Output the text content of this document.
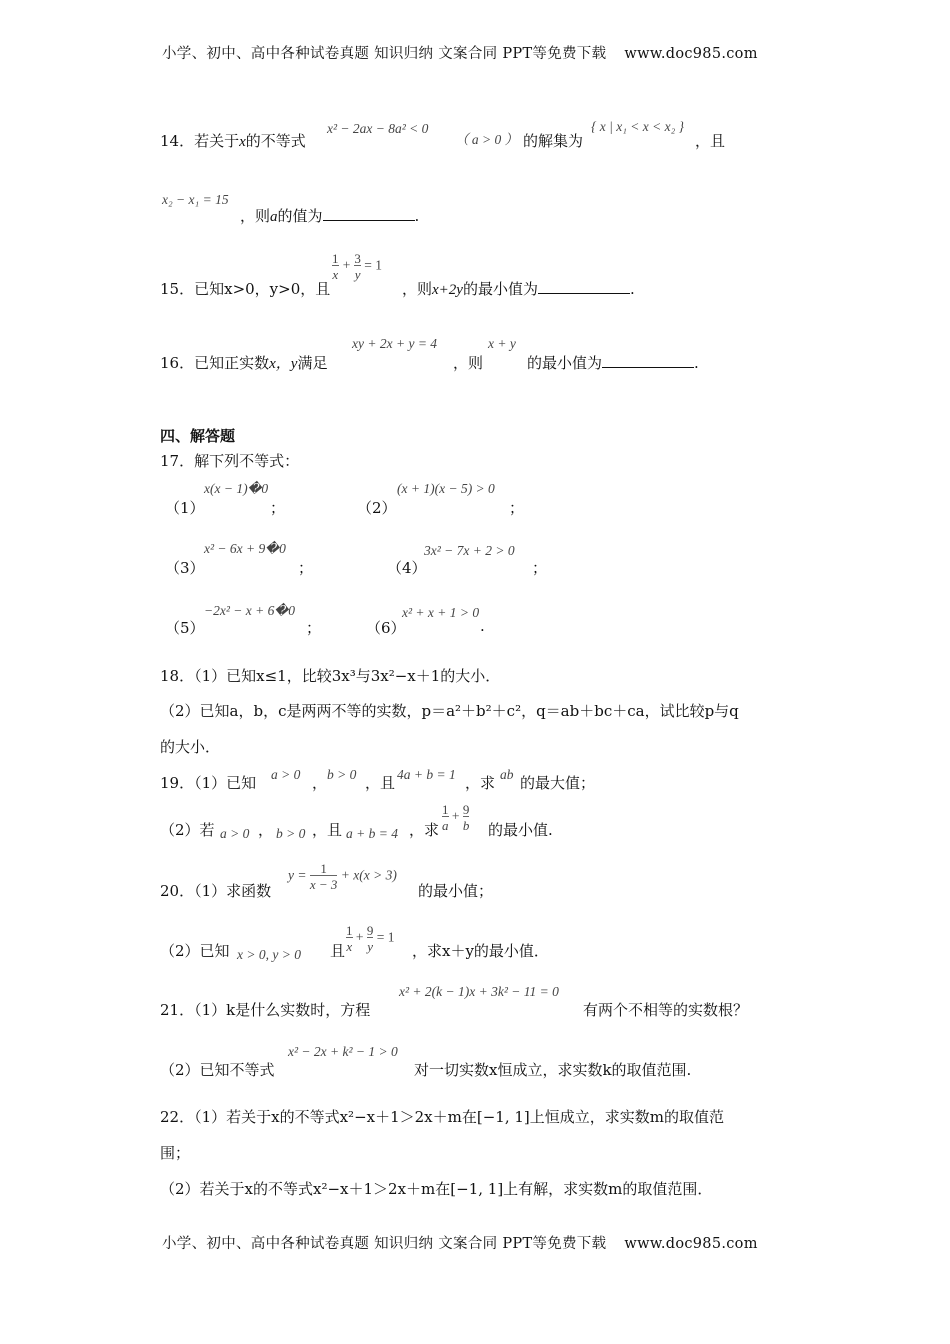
小学、初中、高中各种试卷真题 知识归纳 文案合同 PPT等免费下载 www.doc985.com
14．若关于x的不等式
x² − 2ax − 8a² < 0
（ a > 0 ） 的解集为
{ x | x₁ < x < x₂ }
，且
x₂ − x₁ = 15
，则a的值为	.
15．已知x>0，y>0，且
$\frac{1}{x} + \frac{3}{y} = 1$
，则x+2y的最小值为	.
16．已知正实数x，y满足
xy + 2x + y = 4
，则
x + y
的最小值为	.
四、解答题
17．解下列不等式：
（1）
x(x − 1)�0
；	（2）
(x + 1)(x − 5) > 0
；
（3）
x² − 6x + 9�0
；	（4）
3x² − 7x + 2 > 0
；
（5）
−2x² − x + 6�0
；	（6）
x² + x + 1 > 0
.
18．（1）已知x≤1，比较3x³与3x²−x＋1的大小．
（2）已知a，b，c是两两不等的实数，p＝a²＋b²＋c²，q＝ab＋bc＋ca，试比较p与q
的大小．
19．（1）已知 a > 0 ， b > 0 ，且 4a + b = 1 ，求 ab 的最大值；
（2）若 a > 0 ， b > 0 ，且 a + b = 4 ，求 $\frac{1}{a} + \frac{9}{b}$ 的最小值.
20．（1）求函数
$y = \frac{1}{x - 3} + x(x > 3)$
的最小值；
（2）已知 x > 0, y > 0 且 $\frac{1}{x} + \frac{9}{y} = 1$
，求x＋y的最小值．
21．（1）k是什么实数时，方程
x² + 2(k − 1)x + 3k² − 11 = 0
有两个不相等的实数根？
（2）已知不等式
x² − 2x + k² − 1 > 0
对一切实数x恒成立，求实数k的取值范围.
22．（1）若关于x的不等式x²−x＋1＞2x＋m在[−1, 1]上恒成立，求实数m的取值范
围；
（2）若关于x的不等式x²−x＋1＞2x＋m在[−1, 1]上有解，求实数m的取值范围．
小学、初中、高中各种试卷真题 知识归纳 文案合同 PPT等免费下载 www.doc985.com
